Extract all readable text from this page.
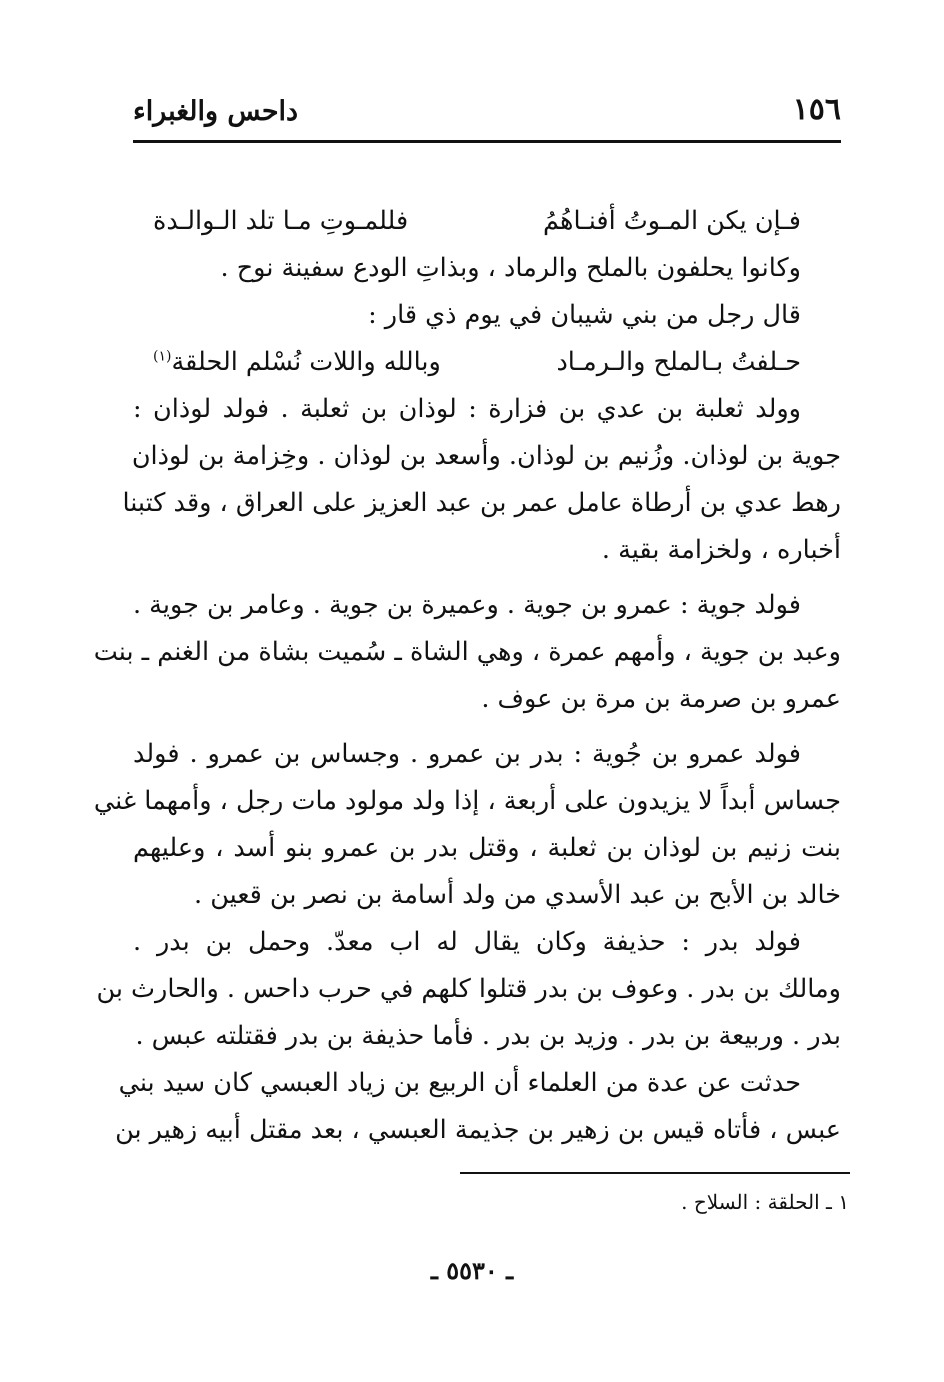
داحس والغبراء	١٥٦
فـإن يكن المـوتُ أفنـاهُمُ
فللمـوتِ مـا تلد الـوالـدة
وكانوا يحلفون بالملح والرماد ، وبذاتِ الودع سفينة نوح .
قال رجل من بني شيبان في يوم ذي قار :
حـلفتُ بـالملح والـرمـاد
وبالله واللات نُسْلم الحلقة$^{(١)}$
وولد ثعلبة بن عدي بن فزارة : لوذان بن ثعلبة . فولد لوذان :
جوية بن لوذان. وزُنيم بن لوذان. وأسعد بن لوذان . وخِزامة بن لوذان
رهط عدي بن أرطاة عامل عمر بن عبد العزيز على العراق ، وقد كتبنا
أخباره ، ولخزامة بقية .
فولد جوية : عمرو بن جوية . وعميرة بن جوية . وعامر بن جوية .
وعبد بن جوية ، وأمهم عمرة ، وهي الشاة ـ سُميت بشاة من الغنم ـ بنت
عمرو بن صرمة بن مرة بن عوف .
فولد عمرو بن جُوية : بدر بن عمرو . وجساس بن عمرو . فولد
جساس أبداً لا يزيدون على أربعة ، إذا ولد مولود مات رجل ، وأمهما غني
بنت زنيم بن لوذان بن ثعلبة ، وقتل بدر بن عمرو بنو أسد ، وعليهم
خالد بن الأبح بن عبد الأسدي من ولد أسامة بن نصر بن قعين .
فولد بدر : حذيفة وكان يقال له اب معدّ. وحمل بن بدر .
ومالك بن بدر . وعوف بن بدر قتلوا كلهم في حرب داحس . والحارث بن
بدر . وربيعة بن بدر . وزيد بن بدر . فأما حذيفة بن بدر فقتلته عبس .
حدثت عن عدة من العلماء أن الربيع بن زياد العبسي كان سيد بني
عبس ، فأتاه قيس بن زهير بن جذيمة العبسي ، بعد مقتل أبيه زهير بن
١ ـ الحلقة : السلاح .
ـ ٥٥٣٠ ـ
